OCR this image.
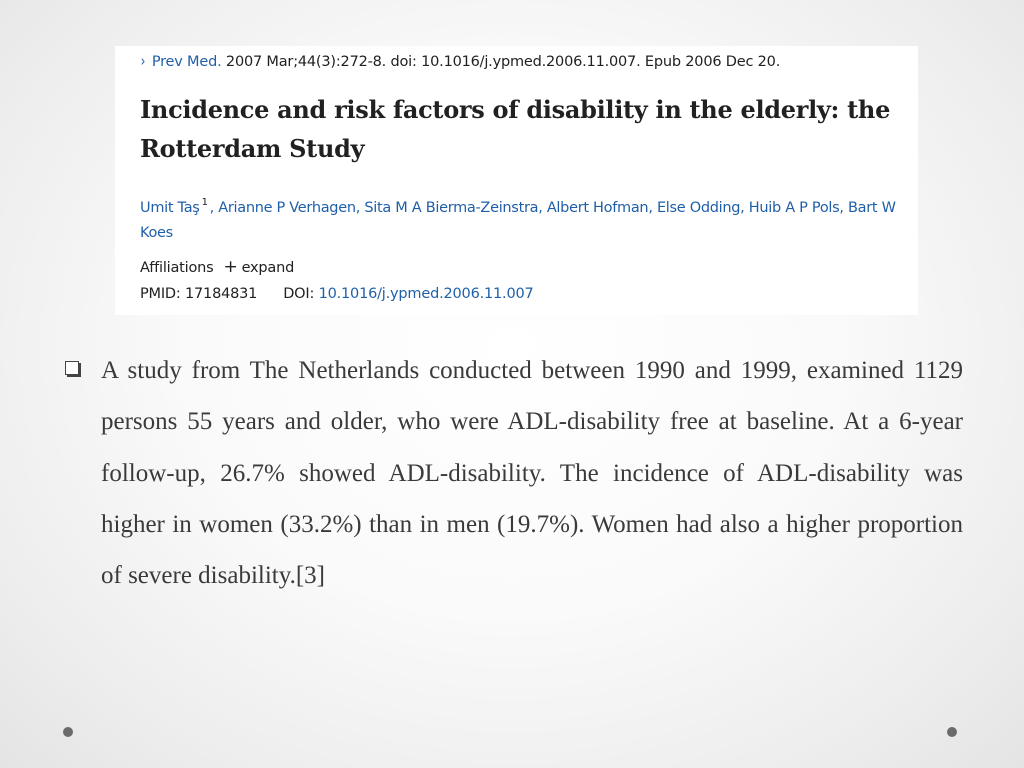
› Prev Med. 2007 Mar;44(3):272-8. doi: 10.1016/j.ypmed.2006.11.007. Epub 2006 Dec 20.
Incidence and risk factors of disability in the elderly: the Rotterdam Study
Umit Taş $^1$ , Arianne P Verhagen, Sita M A Bierma-Zeinstra, Albert Hofman, Else Odding, Huib A P Pols, Bart W Koes
Affiliations + expand
PMID: 17184831 DOI: 10.1016/j.ypmed.2006.11.007

A study from The Netherlands conducted between 1990 and 1999, examined 1129 persons 55 years and older, who were ADL-disability free at baseline. At a 6-year follow-up, 26.7% showed ADL-disability. The incidence of ADL-disability was higher in women (33.2%) than in men (19.7%). Women had also a higher proportion of severe disability.[3]
